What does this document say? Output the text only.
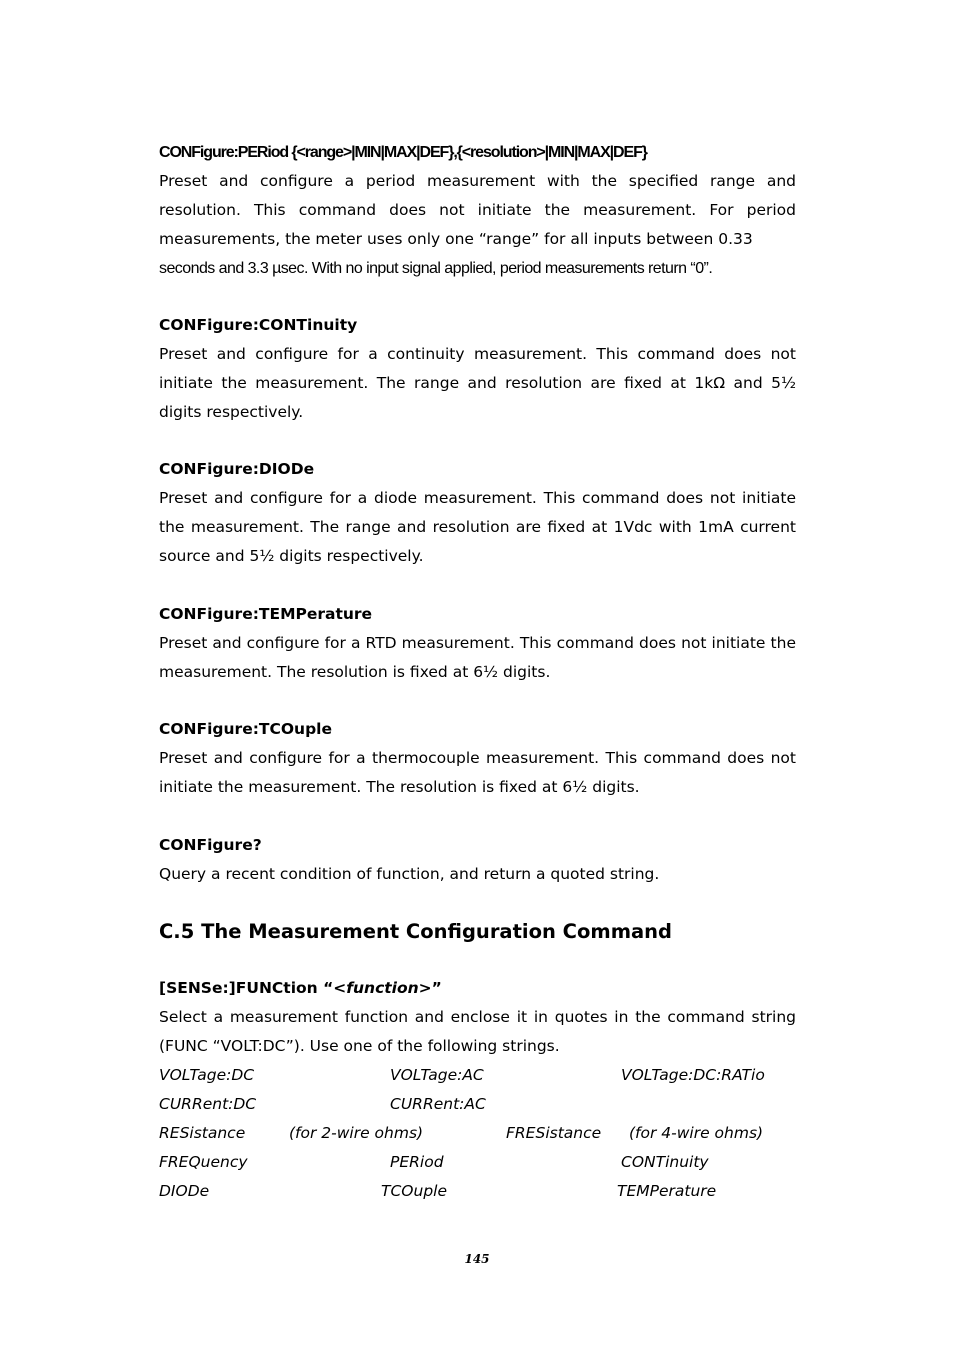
CONFigure:PERiod {<range>|MIN|MAX|DEF},{<resolution>|MIN|MAX|DEF}

Preset and configure a period measurement with the specified range and resolution. This command does not initiate the measurement. For period measurements, the meter uses only one “range” for all inputs between 0.33

seconds and 3.3 µsec. With no input signal applied, period measurements return “0”.

CONFigure:CONTinuity

Preset and configure for a continuity measurement. This command does not initiate the measurement. The range and resolution are fixed at 1kΩ and 5½ digits respectively.

CONFigure:DIODe

Preset and configure for a diode measurement. This command does not initiate the measurement. The range and resolution are fixed at 1Vdc with 1mA current source and 5½ digits respectively.

CONFigure:TEMPerature

Preset and configure for a RTD measurement. This command does not initiate the measurement. The resolution is fixed at 6½ digits.

CONFigure:TCOuple

Preset and configure for a thermocouple measurement. This command does not initiate the measurement. The resolution is fixed at 6½ digits.

CONFigure?

Query a recent condition of function, and return a quoted string.

C.5 The Measurement Configuration Command

[SENSe:]FUNCtion “<function>”

Select a measurement function and enclose it in quotes in the command string (FUNC “VOLT:DC”). Use one of the following strings.

VOLTage:DC	VOLTage:AC	VOLTage:DC:RATio
CURRent:DC	CURRent:AC
RESistance	(for 2-wire ohms)	FRESistance (for 4-wire ohms)
FREQuency	PERiod	CONTinuity
DIODe	TCOuple	TEMPerature
145
